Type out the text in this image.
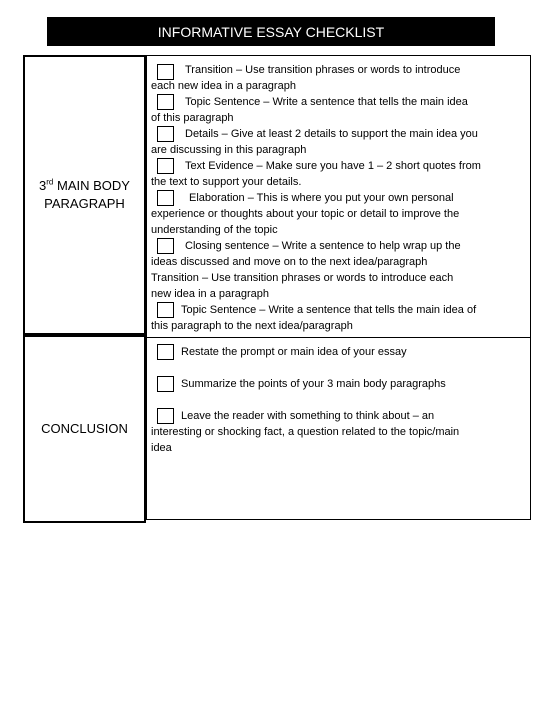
INFORMATIVE ESSAY CHECKLIST
3rd MAIN BODY
PARAGRAPH
Transition – Use transition phrases or words to introduce
each new idea in a paragraph
Topic Sentence – Write a sentence that tells the main idea
of this paragraph
Details – Give at least 2 details to support the main idea you
are discussing in this paragraph
Text Evidence – Make sure you have 1 – 2 short quotes from
the text to support your details.
Elaboration – This is where you put your own personal
experience or thoughts about your topic or detail to improve the
understanding of the topic
Closing sentence – Write a sentence to help wrap up the
ideas discussed and move on to the next idea/paragraph
Transition – Use transition phrases or words to introduce each
new idea in a paragraph
Topic Sentence – Write a sentence that tells the main idea of
this paragraph to the next idea/paragraph
CONCLUSION
Restate the prompt or main idea of your essay
Summarize the points of your 3 main body paragraphs
Leave the reader with something to think about – an
interesting or shocking fact, a question related to the topic/main
idea
